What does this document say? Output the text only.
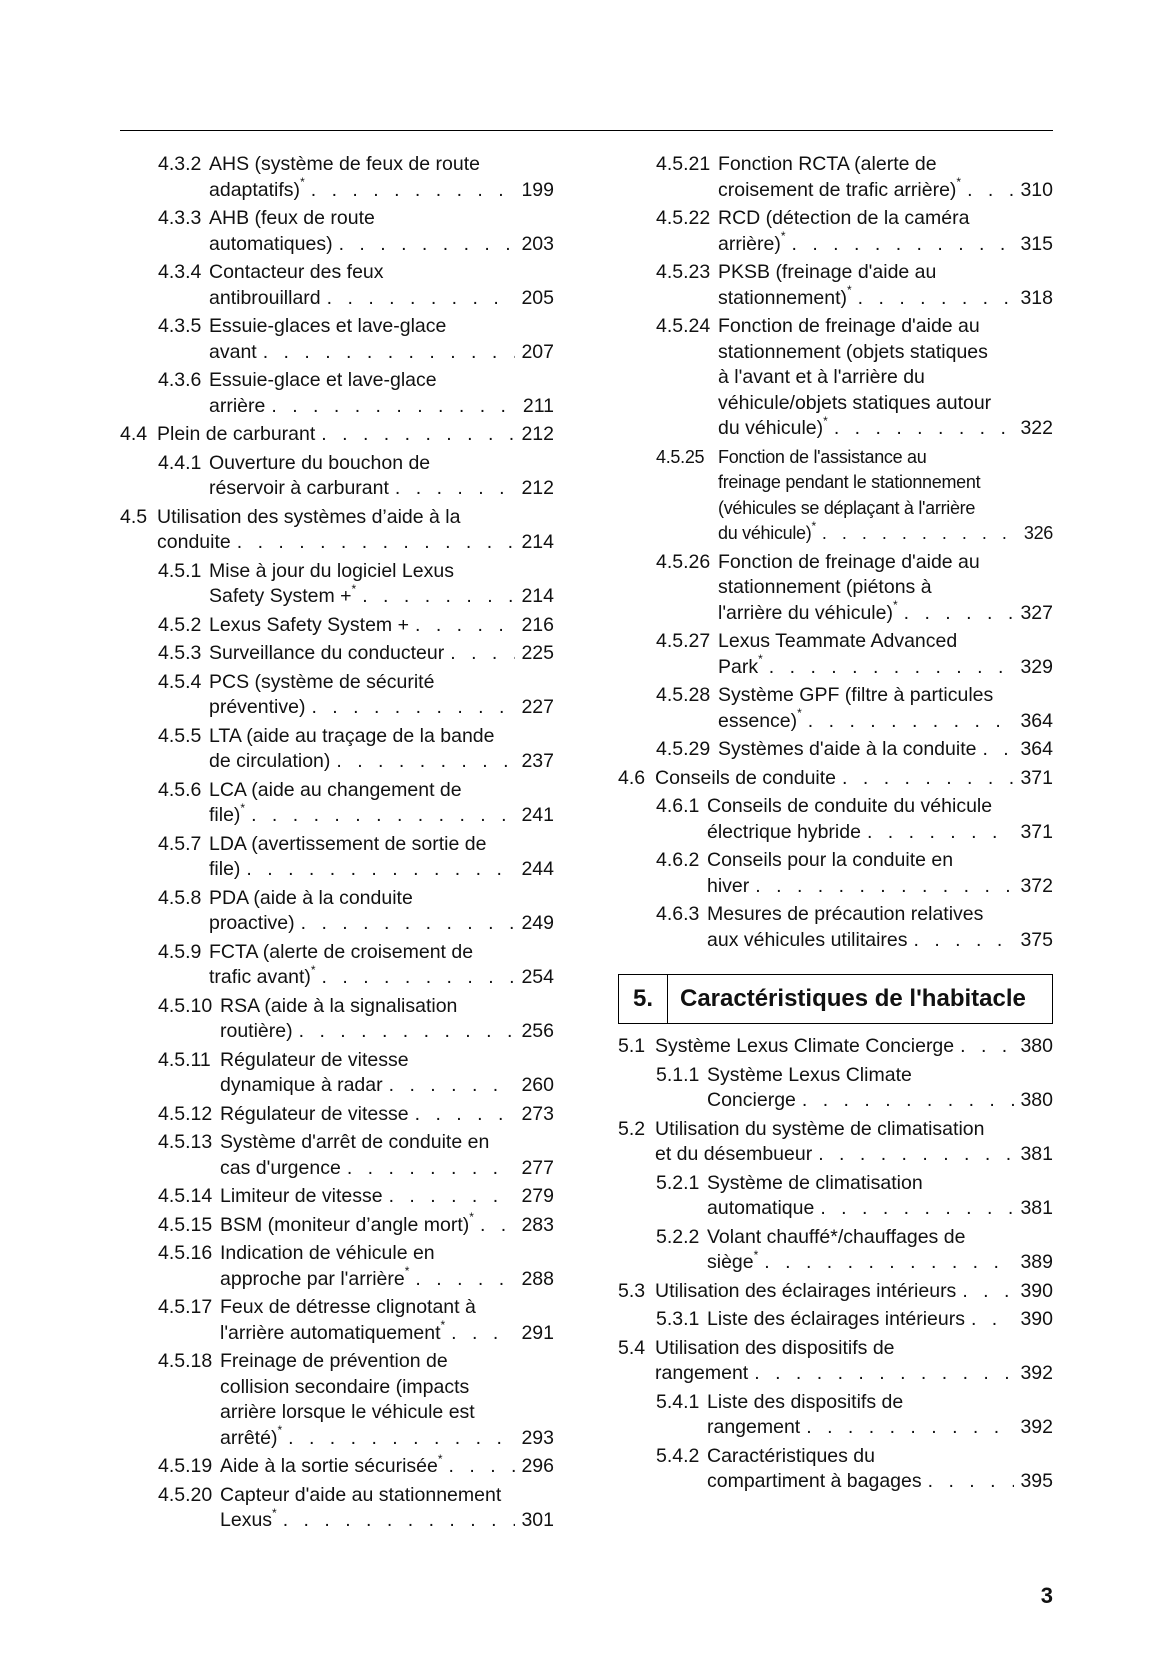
4.3.2 AHS (système de feux de route
adaptatifs)* . . .	199
4.3.3 AHB (feux de route
automatiques) . . .	203
4.3.4 Contacteur des feux
antibrouillard . . .	205
4.3.5 Essuie-glaces et lave-glace
avant . . .	207
4.3.6 Essuie-glace et lave-glace
arrière . . .	211
4.4 Plein de carburant . . .	212
4.4.1 Ouverture du bouchon de
réservoir à carburant . . .	212
4.5 Utilisation des systèmes d’aide à la
conduite . . .	214
4.5.1 Mise à jour du logiciel Lexus
Safety System +* . . .	214
4.5.2 Lexus Safety System + . . .	216
4.5.3 Surveillance du conducteur . . .	225
4.5.4 PCS (système de sécurité
préventive) . . .	227
4.5.5 LTA (aide au traçage de la bande
de circulation) . . .	237
4.5.6 LCA (aide au changement de
file)* . . .	241
4.5.7 LDA (avertissement de sortie de
file) . . .	244
4.5.8 PDA (aide à la conduite
proactive) . . .	249
4.5.9 FCTA (alerte de croisement de
trafic avant)* . . .	254
4.5.10 RSA (aide à la signalisation
routière) . . .	256
4.5.11 Régulateur de vitesse
dynamique à radar . . .	260
4.5.12 Régulateur de vitesse . . .	273
4.5.13 Système d'arrêt de conduite en
cas d'urgence . . .	277
4.5.14 Limiteur de vitesse . . .	279
4.5.15 BSM (moniteur d’angle mort)* . . . 283
4.5.16 Indication de véhicule en
approche par l'arrière* . . .	288
4.5.17 Feux de détresse clignotant à
l'arrière automatiquement* . . .	291
4.5.18 Freinage de prévention de
collision secondaire (impacts
arrière lorsque le véhicule est
arrêté)* . . .	293
4.5.19 Aide à la sortie sécurisée* . . .	296
4.5.20 Capteur d'aide au stationnement
Lexus* . . .	301
4.5.21 Fonction RCTA (alerte de
croisement de trafic arrière)* . . .	310
4.5.22 RCD (détection de la caméra
arrière)* . . .	315
4.5.23 PKSB (freinage d'aide au
stationnement)* . . .	318
4.5.24 Fonction de freinage d'aide au
stationnement (objets statiques
à l'avant et à l'arrière du
véhicule/objets statiques autour
du véhicule)* . . .	322
4.5.25 Fonction de l'assistance au
freinage pendant le stationnement
(véhicules se déplaçant à l'arrière
du véhicule)* . . .	326
4.5.26 Fonction de freinage d'aide au
stationnement (piétons à
l'arrière du véhicule)* . . .	327
4.5.27 Lexus Teammate Advanced
Park* . . .	329
4.5.28 Système GPF (filtre à particules
essence)* . . .	364
4.5.29 Systèmes d'aide à la conduite . . . 364
4.6 Conseils de conduite . . .	371
4.6.1 Conseils de conduite du véhicule
électrique hybride . . .	371
4.6.2 Conseils pour la conduite en
hiver . . .	372
4.6.3 Mesures de précaution relatives
aux véhicules utilitaires . . .	375
5.	Caractéristiques de l'habitacle
5.1 Système Lexus Climate Concierge . . .	380
5.1.1 Système Lexus Climate
Concierge . . .	380
5.2 Utilisation du système de climatisation
et du désembueur . . .	381
5.2.1 Système de climatisation
automatique . . .	381
5.2.2 Volant chauffé*/chauffages de
siège* . . .	389
5.3 Utilisation des éclairages intérieurs . . .	390
5.3.1 Liste des éclairages intérieurs . . .	390
5.4 Utilisation des dispositifs de
rangement . . .	392
5.4.1 Liste des dispositifs de
rangement . . .	392
5.4.2 Caractéristiques du
compartiment à bagages . . .	395
3
